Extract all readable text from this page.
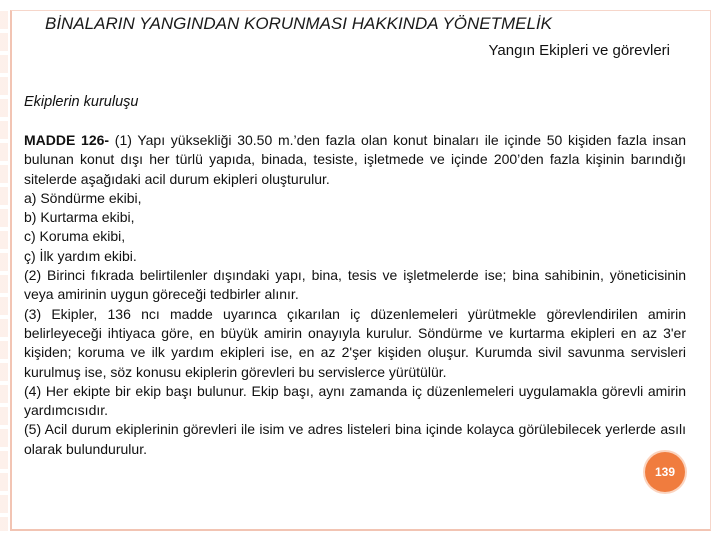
BİNALARIN YANGINDAN KORUNMASI HAKKINDA YÖNETMELİK
Yangın Ekipleri ve görevleri
Ekiplerin kuruluşu

MADDE 126- (1) Yapı yüksekliği 30.50 m.’den fazla olan konut binaları ile içinde 50 kişiden fazla insan bulunan konut dışı her türlü yapıda, binada, tesiste, işletmede ve içinde 200’den fazla kişinin barındığı sitelerde aşağıdaki acil durum ekipleri oluşturulur.

a) Söndürme ekibi,

b) Kurtarma ekibi,

c) Koruma ekibi,

ç) İlk yardım ekibi.

(2) Birinci fıkrada belirtilenler dışındaki yapı, bina, tesis ve işletmelerde ise; bina sahibinin, yöneticisinin veya amirinin uygun göreceği tedbirler alınır.

(3) Ekipler, 136 ncı madde uyarınca çıkarılan iç düzenlemeleri yürütmekle görevlendirilen amirin belirleyeceği ihtiyaca göre, en büyük amirin onayıyla kurulur. Söndürme ve kurtarma ekipleri en az 3'er kişiden; koruma ve ilk yardım ekipleri ise, en az 2'şer kişiden oluşur. Kurumda sivil savunma servisleri kurulmuş ise, söz konusu ekiplerin görevleri bu servislerce yürütülür.

(4) Her ekipte bir ekip başı bulunur. Ekip başı, aynı zamanda iç düzenlemeleri uygulamakla görevli amirin yardımcısıdır.

(5) Acil durum ekiplerinin görevleri ile isim ve adres listeleri bina içinde kolayca görülebilecek yerlerde asılı olarak bulundurulur.

139
